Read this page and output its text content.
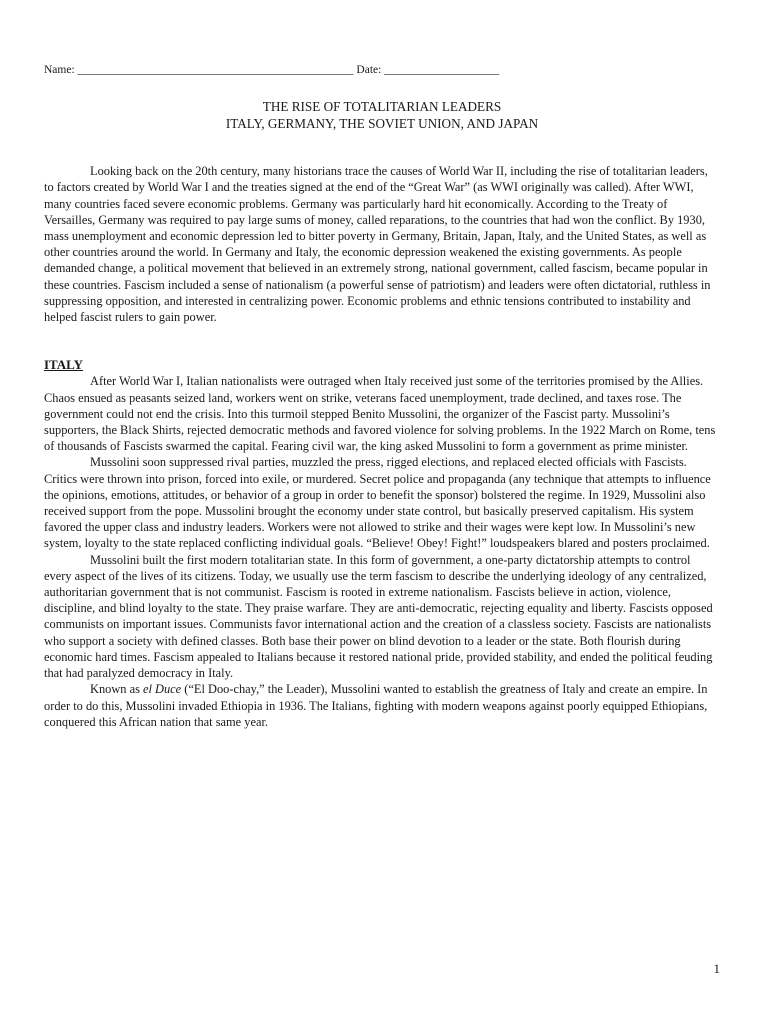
Name: ________________________________________________ Date: ____________________

THE RISE OF TOTALITARIAN LEADERS
ITALY, GERMANY, THE SOVIET UNION, AND JAPAN

Looking back on the 20th century, many historians trace the causes of World War II, including the rise of totalitarian leaders, to factors created by World War I and the treaties signed at the end of the “Great War” (as WWI originally was called). After WWI, many countries faced severe economic problems. Germany was particularly hard hit economically. According to the Treaty of Versailles, Germany was required to pay large sums of money, called reparations, to the countries that had won the conflict. By 1930, mass unemployment and economic depression led to bitter poverty in Germany, Britain, Japan, Italy, and the United States, as well as other countries around the world. In Germany and Italy, the economic depression weakened the existing governments. As people demanded change, a political movement that believed in an extremely strong, national government, called fascism, became popular in these countries. Fascism included a sense of nationalism (a powerful sense of patriotism) and leaders were often dictatorial, ruthless in suppressing opposition, and interested in centralizing power. Economic problems and ethnic tensions contributed to instability and helped fascist rulers to gain power.

ITALY

After World War I, Italian nationalists were outraged when Italy received just some of the territories promised by the Allies. Chaos ensued as peasants seized land, workers went on strike, veterans faced unemployment, trade declined, and taxes rose. The government could not end the crisis. Into this turmoil stepped Benito Mussolini, the organizer of the Fascist party. Mussolini’s supporters, the Black Shirts, rejected democratic methods and favored violence for solving problems. In the 1922 March on Rome, tens of thousands of Fascists swarmed the capital. Fearing civil war, the king asked Mussolini to form a government as prime minister.

Mussolini soon suppressed rival parties, muzzled the press, rigged elections, and replaced elected officials with Fascists. Critics were thrown into prison, forced into exile, or murdered. Secret police and propaganda (any technique that attempts to influence the opinions, emotions, attitudes, or behavior of a group in order to benefit the sponsor) bolstered the regime. In 1929, Mussolini also received support from the pope. Mussolini brought the economy under state control, but basically preserved capitalism. His system favored the upper class and industry leaders. Workers were not allowed to strike and their wages were kept low. In Mussolini’s new system, loyalty to the state replaced conflicting individual goals. “Believe! Obey! Fight!” loudspeakers blared and posters proclaimed.

Mussolini built the first modern totalitarian state. In this form of government, a one-party dictatorship attempts to control every aspect of the lives of its citizens. Today, we usually use the term fascism to describe the underlying ideology of any centralized, authoritarian government that is not communist. Fascism is rooted in extreme nationalism. Fascists believe in action, violence, discipline, and blind loyalty to the state. They praise warfare. They are anti-democratic, rejecting equality and liberty. Fascists opposed communists on important issues. Communists favor international action and the creation of a classless society. Fascists are nationalists who support a society with defined classes. Both base their power on blind devotion to a leader or the state. Both flourish during economic hard times. Fascism appealed to Italians because it restored national pride, provided stability, and ended the political feuding that had paralyzed democracy in Italy.

Known as el Duce (“El Doo-chay,” the Leader), Mussolini wanted to establish the greatness of Italy and create an empire. In order to do this, Mussolini invaded Ethiopia in 1936. The Italians, fighting with modern weapons against poorly equipped Ethiopians, conquered this African nation that same year.

1
